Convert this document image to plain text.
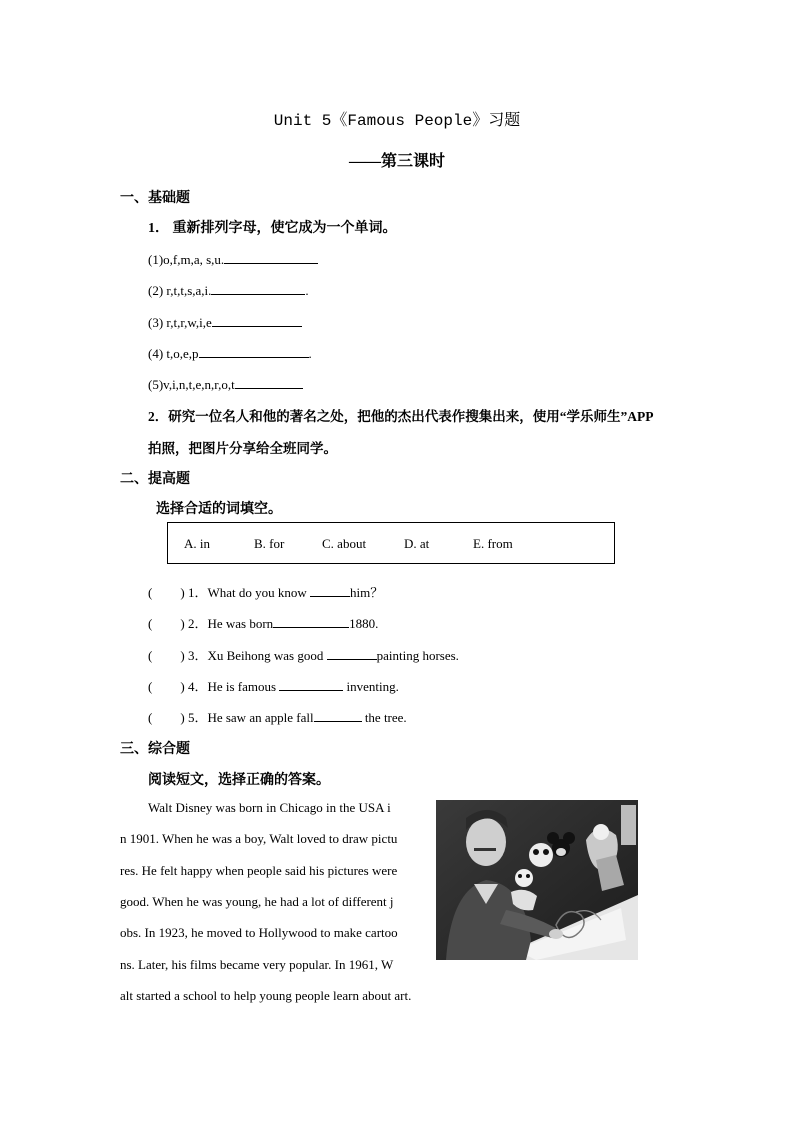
Unit 5《Famous People》习题
——第三课时
一、基础题
1． 重新排列字母，使它成为一个单词。
(1)o,f,m,a, s,u.
(2) r,t,t,s,a,i.	.
(3) r,t,r,w,i,e
(4) t,o,e,p	.
(5)v,i,n,t,e,n,r,o,t
2．研究一位名人和他的著名之处，把他的杰出代表作搜集出来，使用“学乐师生”APP
拍照，把图片分享给全班同学。
二、提高题
选择合适的词填空。
A. in	B. for	C. about	D. at	E. from
( ) 1．What do you know	him？
( ) 2．He was born	1880.
( ) 3．Xu Beihong was good	painting horses.
( ) 4．He is famous	inventing.
( ) 5．He saw an apple fall	the tree.
三、综合题
阅读短文，选择正确的答案。
Walt Disney was born in Chicago in the USA i
n 1901. When he was a boy, Walt loved to draw pictu
res. He felt happy when people said his pictures were
good. When he was young, he had a lot of different j
obs. In 1923, he moved to Hollywood to make cartoo
ns. Later, his films became very popular. In 1961, W
alt started a school to help young people learn about art.
